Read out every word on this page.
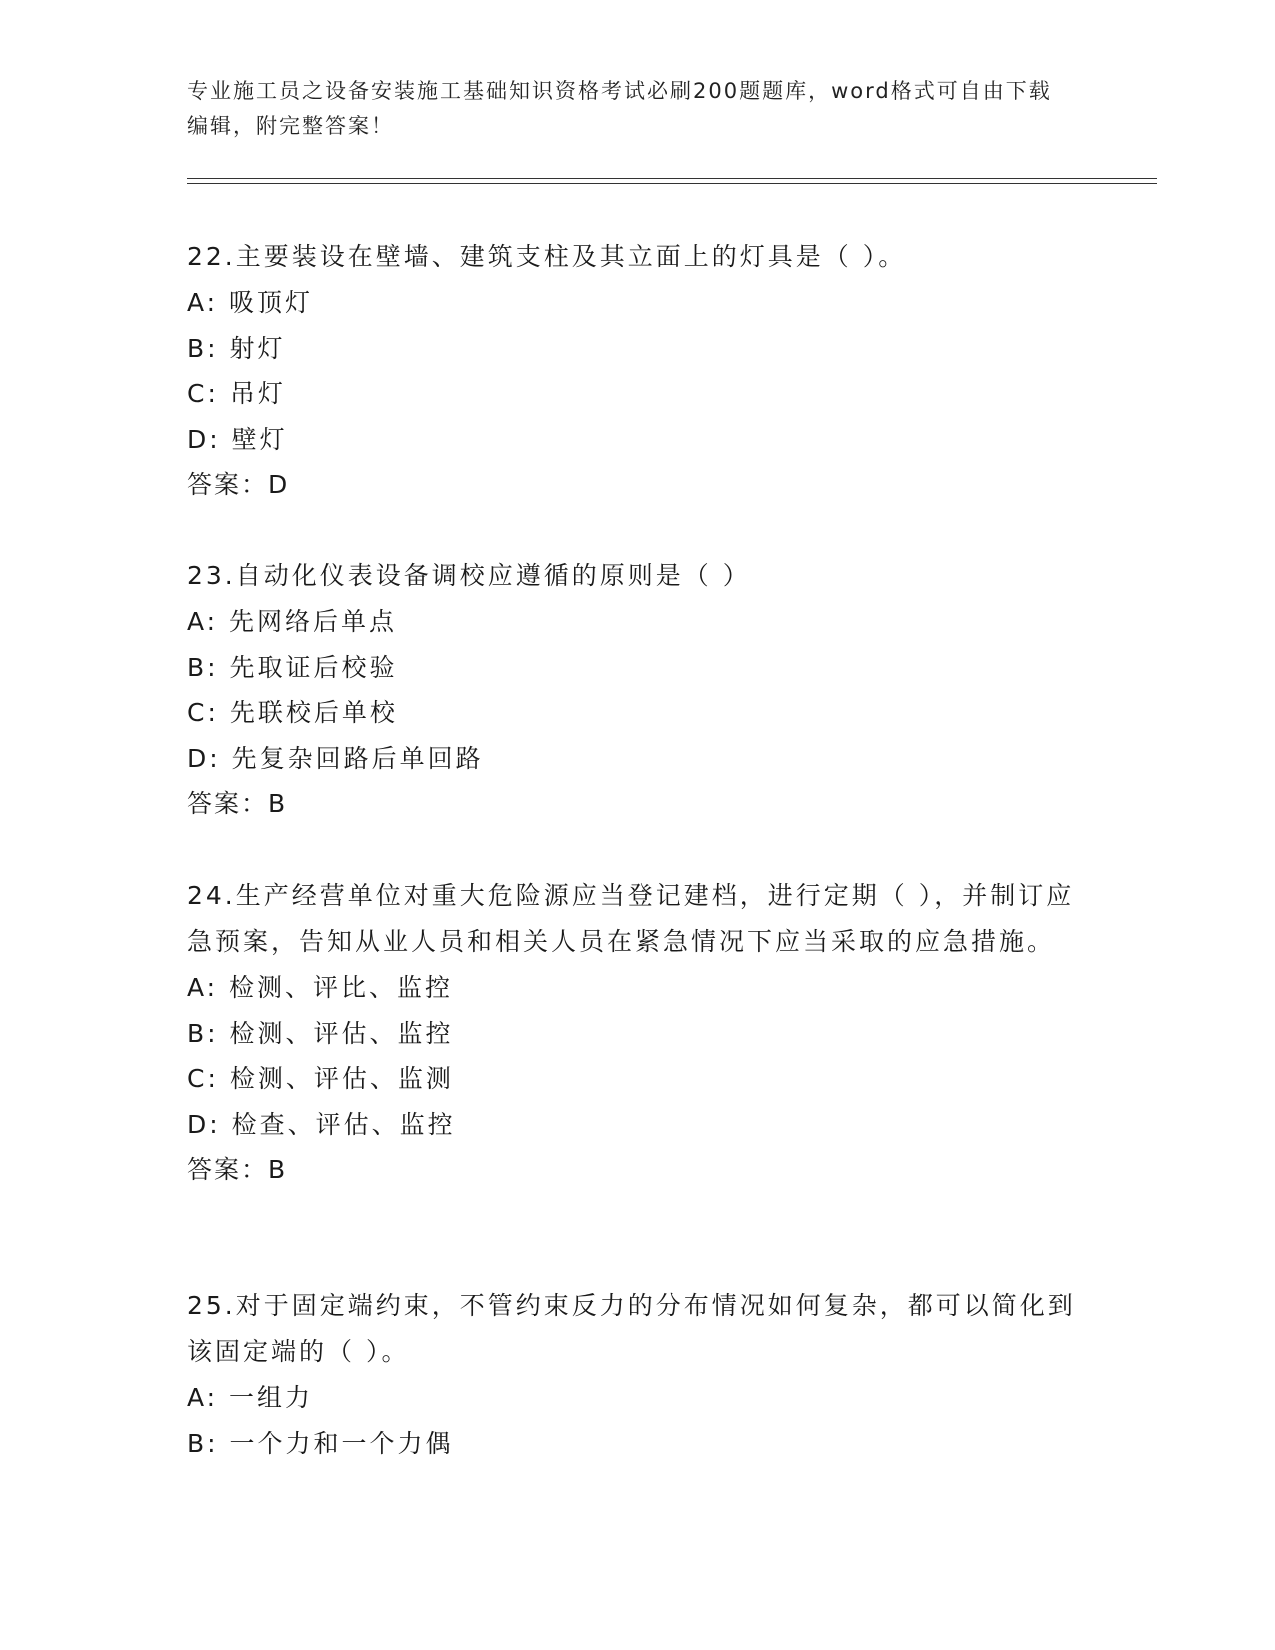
专业施工员之设备安装施工基础知识资格考试必刷200题题库，word格式可自由下载编辑，附完整答案！

22.主要装设在壁墙、建筑支柱及其立面上的灯具是（ ）。

A: 吸顶灯

B: 射灯

C: 吊灯

D: 壁灯

答案：D

23.自动化仪表设备调校应遵循的原则是（ ）

A: 先网络后单点

B: 先取证后校验

C: 先联校后单校

D: 先复杂回路后单回路

答案：B

24.生产经营单位对重大危险源应当登记建档，进行定期（ ），并制订应急预案，告知从业人员和相关人员在紧急情况下应当采取的应急措施。

A: 检测、评比、监控

B: 检测、评估、监控

C: 检测、评估、监测

D: 检查、评估、监控

答案：B

25.对于固定端约束，不管约束反力的分布情况如何复杂，都可以简化到该固定端的（ ）。

A: 一组力

B: 一个力和一个力偶
